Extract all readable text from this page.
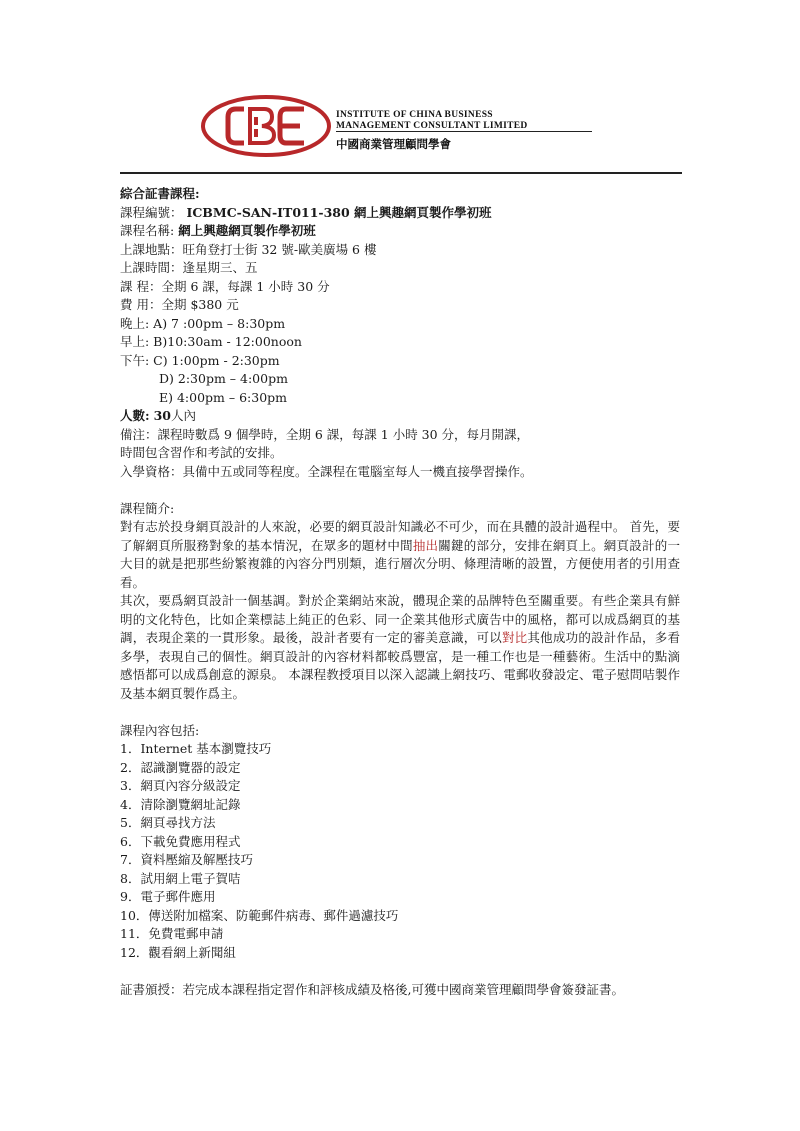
INSTITUTE OF CHINA BUSINESS
MANAGEMENT CONSULTANT LIMITED
中國商業管理顧問學會
綜合証書課程:
課程編號： ICBMC-SAN-IT011-380 網上興趣網頁製作學初班
課程名稱: 網上興趣網頁製作學初班
上課地點：旺角登打士街 32 號-歐美廣場 6 樓
上課時間：逢星期三、五
課 程：全期 6 課，每課 1 小時 30 分
費 用：全期 $380 元
晚上: A) 7 :00pm – 8:30pm
早上: B)10:30am - 12:00noon
下午: C) 1:00pm - 2:30pm
D) 2:30pm – 4:00pm
E) 4:00pm – 6:30pm
人數: 30人內
備注：課程時數爲 9 個學時，全期 6 課，每課 1 小時 30 分，每月開課，
時間包含習作和考試的安排。
入學資格：具備中五或同等程度。全課程在電腦室每人一機直接學習操作。
課程簡介:
對有志於投身網頁設計的人來說，必要的網頁設計知識必不可少，而在具體的設計過程中。 首先，要了解網頁所服務對象的基本情況，在眾多的題材中間抽出關鍵的部分，安排在網頁上。網頁設計的一大目的就是把那些紛繁複雜的內容分門別類，進行層次分明、條理清晰的設置，方便使用者的引用查看。
其次，要爲網頁設計一個基調。對於企業網站來說，體現企業的品牌特色至關重要。有些企業具有鮮明的文化特色，比如企業標誌上純正的色彩、同一企業其他形式廣告中的風格，都可以成爲網頁的基調，表現企業的一貫形象。最後，設計者要有一定的審美意識，可以對比其他成功的設計作品，多看多學，表現自己的個性。網頁設計的內容材料都較爲豐富，是一種工作也是一種藝術。生活中的點滴感悟都可以成爲創意的源泉。 本課程教授項目以深入認識上網技巧、電郵收發設定、電子慰問咭製作及基本網頁製作爲主。
課程內容包括:
1．Internet 基本瀏覽技巧
2．認識瀏覽器的設定
3．網頁內容分級設定
4．清除瀏覽網址記錄
5．網頁尋找方法
6．下載免費應用程式
7．資料壓縮及解壓技巧
8．試用網上電子賀咭
9．電子郵件應用
10．傳送附加檔案、防範郵件病毒、郵件過濾技巧
11．免費電郵申請
12．觀看網上新聞組
証書頒授：若完成本課程指定習作和評核成績及格後,可獲中國商業管理顧問學會簽發証書。
